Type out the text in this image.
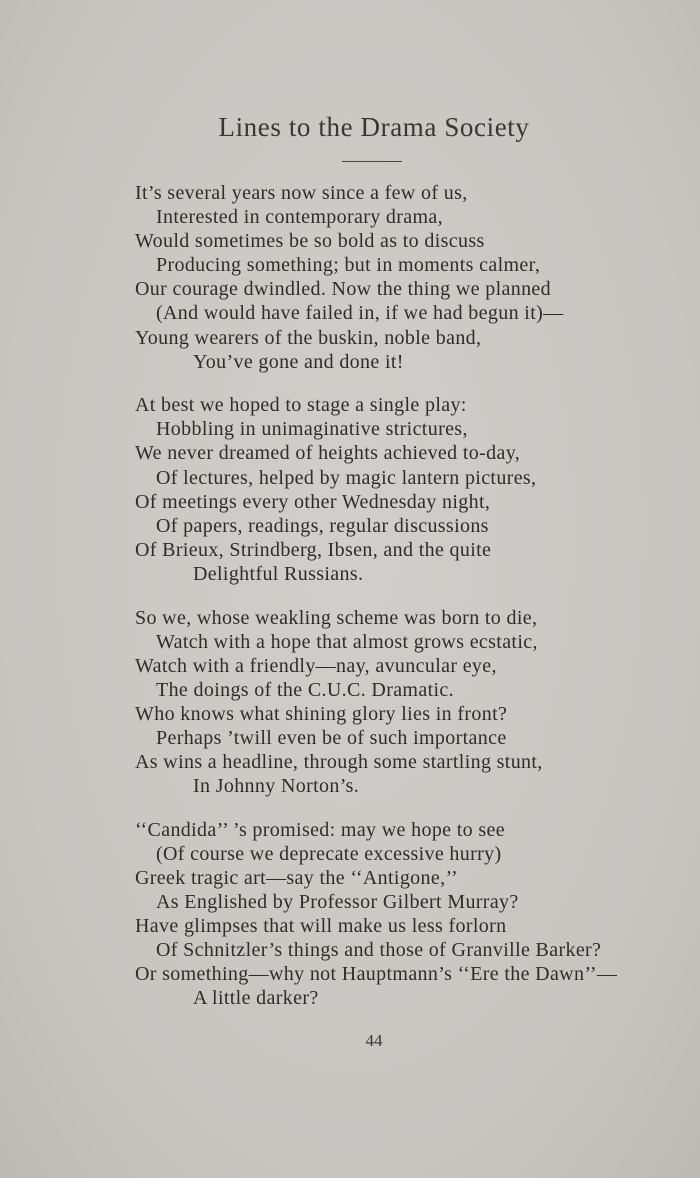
Lines to the Drama Society
It’s several years now since a few of us,
Interested in contemporary drama,
Would sometimes be so bold as to discuss
Producing something; but in moments calmer,
Our courage dwindled. Now the thing we planned
(And would have failed in, if we had begun it)—
Young wearers of the buskin, noble band,
You’ve gone and done it!
At best we hoped to stage a single play:
Hobbling in unimaginative strictures,
We never dreamed of heights achieved to-day,
Of lectures, helped by magic lantern pictures,
Of meetings every other Wednesday night,
Of papers, readings, regular discussions
Of Brieux, Strindberg, Ibsen, and the quite
Delightful Russians.
So we, whose weakling scheme was born to die,
Watch with a hope that almost grows ecstatic,
Watch with a friendly—nay, avuncular eye,
The doings of the C.U.C. Dramatic.
Who knows what shining glory lies in front?
Perhaps ’twill even be of such importance
As wins a headline, through some startling stunt,
In Johnny Norton’s.
‘‘Candida’’ ’s promised: may we hope to see
(Of course we deprecate excessive hurry)
Greek tragic art—say the ‘‘Antigone,’’
As Englished by Professor Gilbert Murray?
Have glimpses that will make us less forlorn
Of Schnitzler’s things and those of Granville Barker?
Or something—why not Hauptmann’s ‘‘Ere the Dawn’’—
A little darker?
44
